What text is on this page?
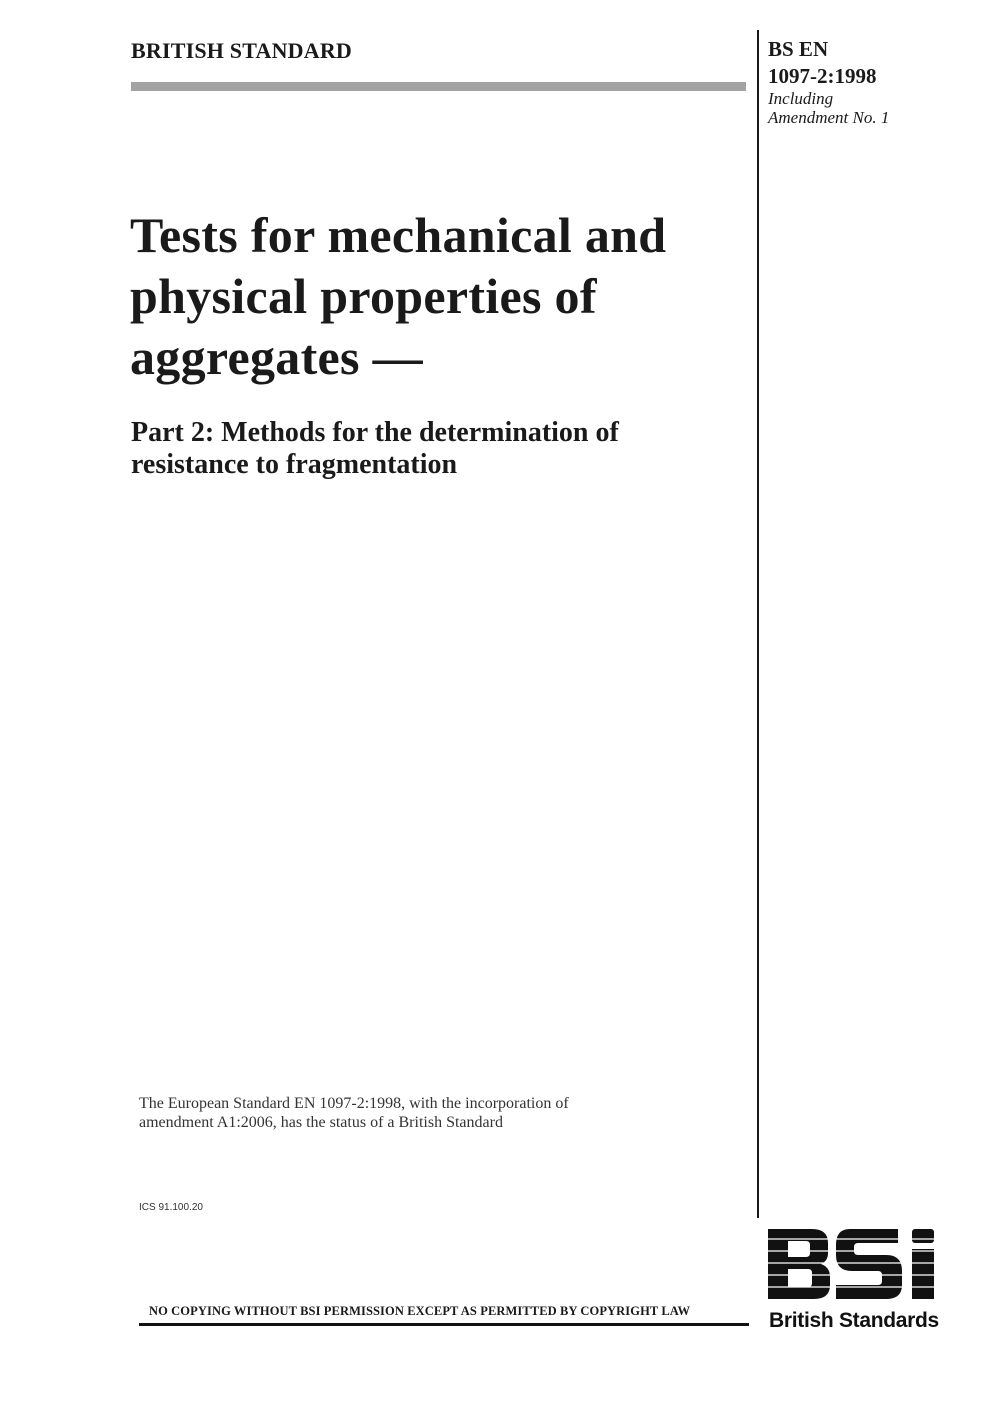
BRITISH STANDARD	BS EN
1097-2:1998
Including
Amendment No. 1
Tests for mechanical and
physical properties of
aggregates —
Part 2: Methods for the determination of
resistance to fragmentation
The European Standard EN 1097-2:1998, with the incorporation of
amendment A1:2006, has the status of a British Standard
ICS 91.100.20
NO COPYING WITHOUT BSI PERMISSION EXCEPT AS PERMITTED BY COPYRIGHT LAW	British Standards
